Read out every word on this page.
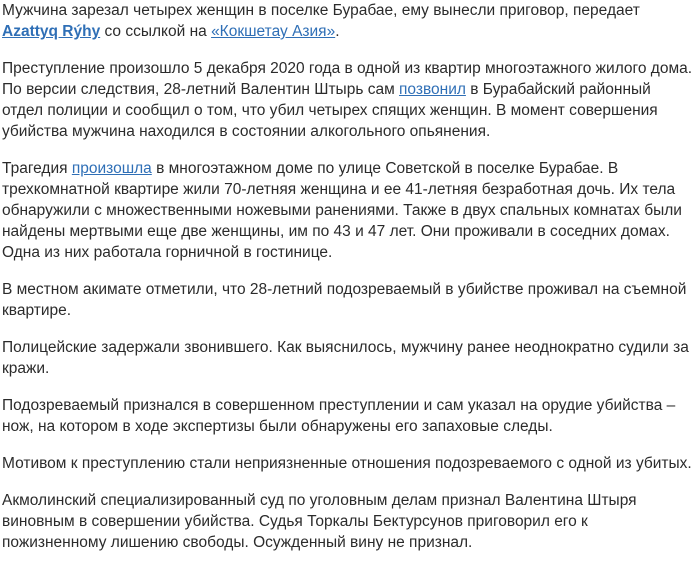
Мужчина зарезал четырех женщин в поселке Бурабае, ему вынесли приговор, передает Azattyq Rýhy со ссылкой на «Кокшетау Азия».

Преступление произошло 5 декабря 2020 года в одной из квартир многоэтажного жилого дома. По версии следствия, 28-летний Валентин Штырь сам позвонил в Бурабайский районный отдел полиции и сообщил о том, что убил четырех спящих женщин. В момент совершения убийства мужчина находился в состоянии алкогольного опьянения.

Трагедия произошла в многоэтажном доме по улице Советской в поселке Бурабае. В трехкомнатной квартире жили 70-летняя женщина и ее 41-летняя безработная дочь. Их тела обнаружили с множественными ножевыми ранениями. Также в двух спальных комнатах были найдены мертвыми еще две женщины, им по 43 и 47 лет. Они проживали в соседних домах. Одна из них работала горничной в гостинице.

В местном акимате отметили, что 28-летний подозреваемый в убийстве проживал на съемной квартире.

Полицейские задержали звонившего. Как выяснилось, мужчину ранее неоднократно судили за кражи.

Подозреваемый признался в совершенном преступлении и сам указал на орудие убийства – нож, на котором в ходе экспертизы были обнаружены его запаховые следы.

Мотивом к преступлению стали неприязненные отношения подозреваемого с одной из убитых.

Акмолинский специализированный суд по уголовным делам признал Валентина Штыря виновным в совершении убийства. Судья Торкалы Бектурсунов приговорил его к пожизненному лишению свободы. Осужденный вину не признал.
